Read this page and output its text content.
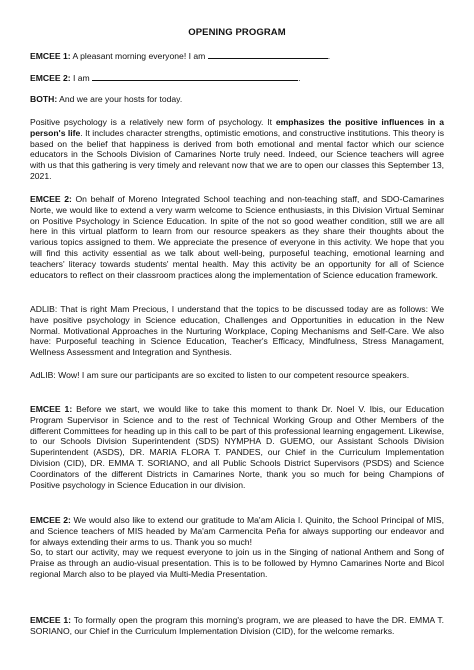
OPENING PROGRAM
EMCEE 1: A pleasant morning everyone! I am	.
EMCEE 2: I am	.
BOTH: And we are your hosts for today.
Positive psychology is a relatively new form of psychology. It emphasizes the positive influences in a person's life. It includes character strengths, optimistic emotions, and constructive institutions. This theory is based on the belief that happiness is derived from both emotional and mental factor which our science educators in the Schools Division of Camarines Norte truly need. Indeed, our Science teachers will agree with us that this gathering is very timely and relevant now that we are to open our classes this September 13, 2021.
EMCEE 2: On behalf of Moreno Integrated School teaching and non-teaching staff, and SDO-Camarines Norte, we would like to extend a very warm welcome to Science enthusiasts, in this Division Virtual Seminar on Positive Psychology in Science Education. In spite of the not so good weather condition, still we are all here in this virtual platform to learn from our resource speakers as they share their thoughts about the various topics assigned to them. We appreciate the presence of everyone in this activity. We hope that you will find this activity essential as we talk about well-being, purposeful teaching, emotional learning and teachers' literacy towards students' mental health. May this activity be an opportunity for all of Science educators to reflect on their classroom practices along the implementation of Science education framework.
ADLIB: That is right Mam Precious, I understand that the topics to be discussed today are as follows: We have positive psychology in Science education, Challenges and Opportunities in education in the New Normal. Motivational Approaches in the Nurturing Workplace, Coping Mechanisms and Self-Care. We also have: Purposeful teaching in Science Education, Teacher's Efficacy, Mindfulness, Stress Managament, Wellness Assessment and Integration and Synthesis.
AdLIB: Wow! I am sure our participants are so excited to listen to our competent resource speakers.
EMCEE 1: Before we start, we would like to take this moment to thank Dr. Noel V. Ibis, our Education Program Supervisor in Science and to the rest of Technical Working Group and Other Members of the different Committees for heading up in this call to be part of this professional learning engagement. Likewise, to our Schools Division Superintendent (SDS) NYMPHA D. GUEMO, our Assistant Schools Division Superintendent (ASDS), DR. MARIA FLORA T. PANDES, our Chief in the Curriculum Implementation Division (CID), DR. EMMA T. SORIANO, and all Public Schools District Supervisors (PSDS) and Science Coordinators of the different Districts in Camarines Norte, thank you so much for being Champions of Positive psychology in Science Education in our division.
EMCEE 2: We would also like to extend our gratitude to Ma'am Alicia I. Quinito, the School Principal of MIS, and Science teachers of MIS headed by Ma'am Carmencita Peña for always supporting our endeavor and for always extending their arms to us. Thank you so much!
So, to start our activity, may we request everyone to join us in the Singing of national Anthem and Song of Praise as through an audio-visual presentation. This is to be followed by Hymno Camarines Norte and Bicol regional March also to be played via Multi-Media Presentation.
EMCEE 1: To formally open the program this morning's program, we are pleased to have the DR. EMMA T. SORIANO, our Chief in the Curriculum Implementation Division (CID), for the welcome remarks.
